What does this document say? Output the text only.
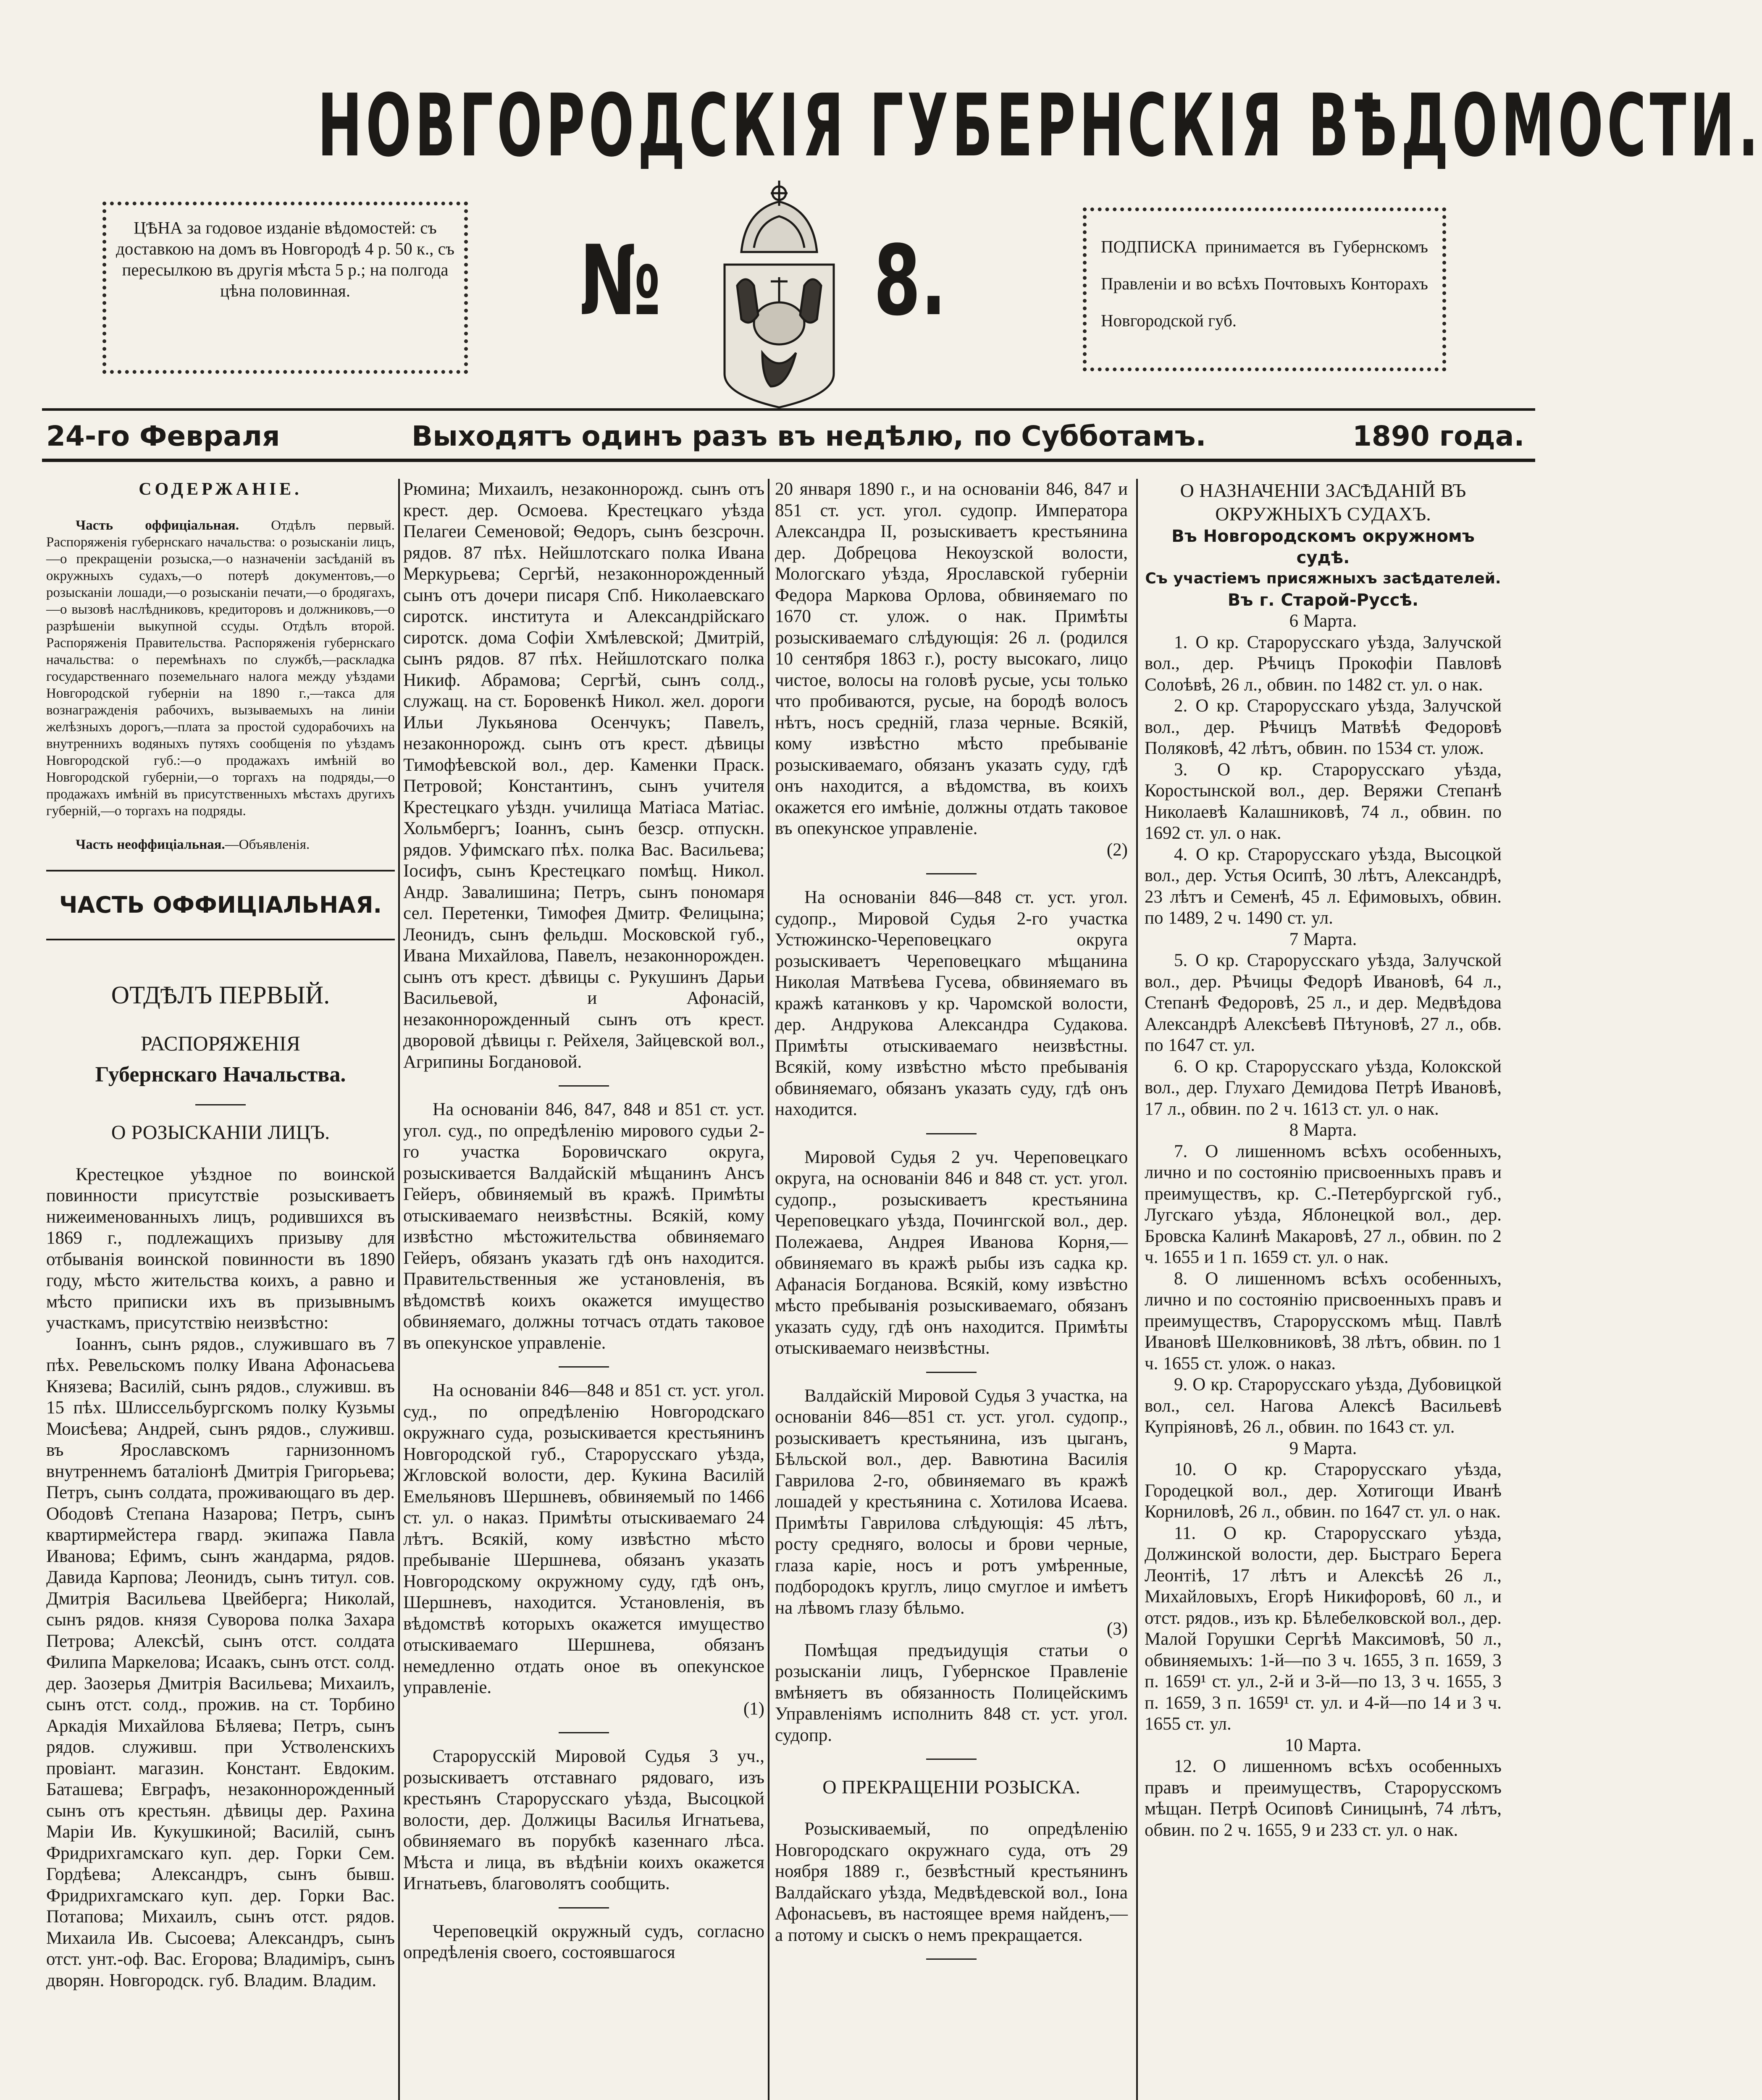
НОВГОРОДСКІЯ ГУБЕРНСКІЯ ВѢДОМОСТИ.
ЦѢНА за годовое изданіе вѣдомостей: съ доставкою на домъ въ Новгородѣ 4 р. 50 к., съ пересылкою въ другія мѣста 5 р.; на полгода цѣна половинная.	№ 8.	ПОДПИСКА принимается въ Губернскомъ Правленіи и во всѣхъ Почтовыхъ Конторахъ Новгородской губ.
24-го Февраля	Выходятъ одинъ разъ въ недѣлю, по Субботамъ.	1890 года.

СОДЕРЖАНІЕ.

Часть оффиціальная. Отдѣлъ первый. Распоряженія губернскаго начальства: о розысканіи лицъ,—о прекращеніи розыска,—о назначеніи засѣданій въ окружныхъ судахъ,—о потерѣ документовъ,—о розысканіи лошади,—о розысканіи печати,—о бродягахъ,—о вызовѣ наслѣдниковъ, кредиторовъ и должниковъ,—о разрѣшеніи выкупной ссуды. Отдѣлъ второй. Распоряженія Правительства. Распоряженія губернскаго начальства: о перемѣнахъ по службѣ,—раскладка государственнаго поземельнаго налога между уѣздами Новгородской губерніи на 1890 г.,—такса для вознагражденія рабочихъ, вызываемыхъ на линіи желѣзныхъ дорогъ,—плата за простой судорабочихъ на внутреннихъ водяныхъ путяхъ сообщенія по уѣздамъ Новгородской губ.:—о продажахъ имѣній во Новгородской губерніи,—о торгахъ на подряды,—о продажахъ имѣній въ присутственныхъ мѣстахъ другихъ губерній,—о торгахъ на подряды.

Часть неоффиціальная.—Объявленія.

ЧАСТЬ ОФФИЦІАЛЬНАЯ.

ОТДѢЛЪ ПЕРВЫЙ.

РАСПОРЯЖЕНІЯ

Губернскаго Начальства.

О РОЗЫСКАНІИ ЛИЦЪ.

Крестецкое уѣздное по воинской повинности присутствіе розыскиваетъ нижеименованныхъ лицъ, родившихся въ 1869 г., подлежащихъ призыву для отбыванія воинской повинности въ 1890 году, мѣсто жительства коихъ, а равно и мѣсто приписки ихъ въ призывнымъ участкамъ, присутствію неизвѣстно:

Іоаннъ, сынъ рядов., служившаго въ 7 пѣх. Ревельскомъ полку Ивана Афонасьева Князева; Василій, сынъ рядов., служивш. въ 15 пѣх. Шлиссельбургскомъ полку Кузьмы Моисѣева; Андрей, сынъ рядов., служивш. въ Ярославскомъ гарнизонномъ внутреннемъ баталіонѣ Дмитрія Григорьева; Петръ, сынъ солдата, проживающаго въ дер. Ободовѣ Степана Назарова; Петръ, сынъ квартирмейстера гвард. экипажа Павла Иванова; Ефимъ, сынъ жандарма, рядов. Давида Карпова; Леонидъ, сынъ титул. сов. Дмитрія Васильева Цвейберга; Николай, сынъ рядов. князя Суворова полка Захара Петрова; Алексѣй, сынъ отст. солдата Филипа Маркелова; Исаакъ, сынъ отст. солд. дер. Заозерья Дмитрія Васильева; Михаилъ, сынъ отст. солд., прожив. на ст. Торбино Аркадія Михайлова Бѣляева; Петръ, сынъ рядов. служивш. при Устволенскихъ провіант. магазин. Констант. Евдоким. Баташева; Евграфъ, незаконнорожденный сынъ отъ крестьян. дѣвицы дер. Рахина Маріи Ив. Кукушкиной; Василій, сынъ Фридрихгамскаго куп. дер. Горки Сем. Гордѣева; Александръ, сынъ бывш. Фридрихгамскаго куп. дер. Горки Вас. Потапова; Михаилъ, сынъ отст. рядов. Михаила Ив. Сысоева; Александръ, сынъ отст. унт.-оф. Вас. Егорова; Владиміръ, сынъ дворян. Новгородск. губ. Владим. Владим.

Рюмина; Михаилъ, незаконнорожд. сынъ отъ крест. дер. Осмоева. Крестецкаго уѣзда Пелагеи Семеновой; Ѳедоръ, сынъ безсрочн. рядов. 87 пѣх. Нейшлотскаго полка Ивана Меркурьева; Сергѣй, незаконнорожденный сынъ отъ дочери писаря Спб. Николаевскаго сиротск. института и Александрійскаго сиротск. дома Софіи Хмѣлевской; Дмитрій, сынъ рядов. 87 пѣх. Нейшлотскаго полка Никиф. Абрамова; Сергѣй, сынъ солд., служащ. на ст. Боровенкѣ Никол. жел. дороги Ильи Лукьянова Осенчукъ; Павелъ, незаконнорожд. сынъ отъ крест. дѣвицы Тимофѣевской вол., дер. Каменки Праск. Петровой; Константинъ, сынъ учителя Крестецкаго уѣздн. училища Матіаса Матіас. Хольмбергъ; Іоаннъ, сынъ безср. отпускн. рядов. Уфимскаго пѣх. полка Вас. Васильева; Іосифъ, сынъ Крестецкаго помѣщ. Никол. Андр. Завалишина; Петръ, сынъ пономаря сел. Перетенки, Тимофея Дмитр. Фелицына; Леонидъ, сынъ фельдш. Московской губ., Ивана Михайлова, Павелъ, незаконнорожден. сынъ отъ крест. дѣвицы с. Рукушинъ Дарьи Васильевой, и Афонасій, незаконнорожденный сынъ отъ крест. дворовой дѣвицы г. Рейхеля, Зайцевской вол., Агрипины Богдановой.

На основаніи 846, 847, 848 и 851 ст. уст. угол. суд., по опредѣленію мирового судьи 2-го участка Боровичскаго округа, розыскивается Валдайскій мѣщанинъ Ансъ Гейеръ, обвиняемый въ кражѣ. Примѣты отыскиваемаго неизвѣстны. Всякій, кому извѣстно мѣстожительства обвиняемаго Гейеръ, обязанъ указать гдѣ онъ находится. Правительственныя же установленія, въ вѣдомствѣ коихъ окажется имущество обвиняемаго, должны тотчасъ отдать таковое въ опекунское управленіе.

На основаніи 846—848 и 851 ст. уст. угол. суд., по опредѣленію Новгородскаго окружнаго суда, розыскивается крестьянинъ Новгородской губ., Старорусскаго уѣзда, Жгловской волости, дер. Кукина Василій Емельяновъ Шершневъ, обвиняемый по 1466 ст. ул. о наказ. Примѣты отыскиваемаго 24 лѣтъ. Всякій, кому извѣстно мѣсто пребываніе Шершнева, обязанъ указать Новгородскому окружному суду, гдѣ онъ, Шершневъ, находится. Установленія, въ вѣдомствѣ которыхъ окажется имущество отыскиваемаго Шершнева, обязанъ немедленно отдать оное въ опекунское управленіе.

(1)

Старорусскій Мировой Судья 3 уч., розыскиваетъ отставнаго рядоваго, изъ крестьянъ Старорусскаго уѣзда, Высоцкой волости, дер. Должицы Василья Игнатьева, обвиняемаго въ порубкѣ казеннаго лѣса. Мѣста и лица, въ вѣдѣніи коихъ окажется Игнатьевъ, благоволятъ сообщить.

Череповецкій окружный судъ, согласно опредѣленія своего, состоявшагося

20 января 1890 г., и на основаніи 846, 847 и 851 ст. уст. угол. судопр. Императора Александра II, розыскиваетъ крестьянина дер. Добрецова Некоузской волости, Мологскаго уѣзда, Ярославской губерніи Федора Маркова Орлова, обвиняемаго по 1670 ст. улож. о нак. Примѣты розыскиваемаго слѣдующія: 26 л. (родился 10 сентября 1863 г.), росту высокаго, лицо чистое, волосы на головѣ русые, усы только что пробиваются, русые, на бородѣ волосъ нѣтъ, носъ средній, глаза черные. Всякій, кому извѣстно мѣсто пребываніе розыскиваемаго, обязанъ указать суду, гдѣ онъ находится, а вѣдомства, въ коихъ окажется его имѣніе, должны отдать таковое въ опекунское управленіе.

(2)

На основаніи 846—848 ст. уст. угол. судопр., Мировой Судья 2-го участка Устюжинско-Череповецкаго округа розыскиваетъ Череповецкаго мѣщанина Николая Матвѣева Гусева, обвиняемаго въ кражѣ катанковъ у кр. Чаромской волости, дер. Андрукова Александра Судакова. Примѣты отыскиваемаго неизвѣстны. Всякій, кому извѣстно мѣсто пребыванія обвиняемаго, обязанъ указать суду, гдѣ онъ находится.

Мировой Судья 2 уч. Череповецкаго округа, на основаніи 846 и 848 ст. уст. угол. судопр., розыскиваетъ крестьянина Череповецкаго уѣзда, Почингской вол., дер. Полежаева, Андрея Иванова Корня,—обвиняемаго въ кражѣ рыбы изъ садка кр. Афанасія Богданова. Всякій, кому извѣстно мѣсто пребыванія розыскиваемаго, обязанъ указать суду, гдѣ онъ находится. Примѣты отыскиваемаго неизвѣстны.

Валдайскій Мировой Судья 3 участка, на основаніи 846—851 ст. уст. угол. судопр., розыскиваетъ крестьянина, изъ цыганъ, Бѣльской вол., дер. Вавютина Василія Гаврилова 2-го, обвиняемаго въ кражѣ лошадей у крестьянина с. Хотилова Исаева. Примѣты Гаврилова слѣдующія: 45 лѣтъ, росту средняго, волосы и брови черные, глаза каріе, носъ и ротъ умѣренные, подбородокъ круглъ, лицо смуглое и имѣетъ на лѣвомъ глазу бѣльмо.

(3)

Помѣщая предъидущія статьи о розысканіи лицъ, Губернское Правленіе вмѣняетъ въ обязанность Полицейскимъ Управленіямъ исполнить 848 ст. уст. угол. судопр.

О ПРЕКРАЩЕНІИ РОЗЫСКА.

Розыскиваемый, по опредѣленію Новгородскаго окружнаго суда, отъ 29 ноября 1889 г., безвѣстный крестьянинъ Валдайскаго уѣзда, Медвѣдевской вол., Іона Афонасьевъ, въ настоящее время найденъ,—а потому и сыскъ о немъ прекращается.

О НАЗНАЧЕНІИ ЗАСѢДАНІЙ ВЪ ОКРУЖНЫХЪ СУДАХЪ.

Въ Новгородскомъ окружномъ судѣ.

Съ участіемъ присяжныхъ засѣдателей.

Въ г. Старой-Руссѣ.

6 Марта.

1. О кр. Старорусскаго уѣзда, Залучской вол., дер. Рѣчицъ Прокофіи Павловѣ Солоѣвѣ, 26 л., обвин. по 1482 ст. ул. о нак.

2. О кр. Старорусскаго уѣзда, Залучской вол., дер. Рѣчицъ Матвѣѣ Федоровѣ Поляковѣ, 42 лѣтъ, обвин. по 1534 ст. улож.

3. О кр. Старорусскаго уѣзда, Коростынской вол., дер. Веряжи Степанѣ Николаевѣ Калашниковѣ, 74 л., обвин. по 1692 ст. ул. о нак.

4. О кр. Старорусскаго уѣзда, Высоцкой вол., дер. Устья Осипѣ, 30 лѣтъ, Александрѣ, 23 лѣтъ и Семенѣ, 45 л. Ефимовыхъ, обвин. по 1489, 2 ч. 1490 ст. ул.

7 Марта.

5. О кр. Старорусскаго уѣзда, Залучской вол., дер. Рѣчицы Федорѣ Ивановѣ, 64 л., Степанѣ Федоровѣ, 25 л., и дер. Медвѣдова Александрѣ Алексѣевѣ Пѣтуновѣ, 27 л., обв. по 1647 ст. ул.

6. О кр. Старорусскаго уѣзда, Колокской вол., дер. Глухаго Демидова Петрѣ Ивановѣ, 17 л., обвин. по 2 ч. 1613 ст. ул. о нак.

8 Марта.

7. О лишенномъ всѣхъ особенныхъ, лично и по состоянію присвоенныхъ правъ и преимуществъ, кр. С.-Петербургской губ., Лугскаго уѣзда, Яблонецкой вол., дер. Бровска Калинѣ Макаровѣ, 27 л., обвин. по 2 ч. 1655 и 1 п. 1659 ст. ул. о нак.

8. О лишенномъ всѣхъ особенныхъ, лично и по состоянію присвоенныхъ правъ и преимуществъ, Старорусскомъ мѣщ. Павлѣ Ивановѣ Шелковниковѣ, 38 лѣтъ, обвин. по 1 ч. 1655 ст. улож. о наказ.

9. О кр. Старорусскаго уѣзда, Дубовицкой вол., сел. Нагова Алексѣ Васильевѣ Купріяновѣ, 26 л., обвин. по 1643 ст. ул.

9 Марта.

10. О кр. Старорусскаго уѣзда, Городецкой вол., дер. Хотигощи Иванѣ Корниловѣ, 26 л., обвин. по 1647 ст. ул. о нак.

11. О кр. Старорусскаго уѣзда, Должинской волости, дер. Быстраго Берега Леонтіѣ, 17 лѣтъ и Алексѣѣ 26 л., Михайловыхъ, Егорѣ Никифоровѣ, 60 л., и отст. рядов., изъ кр. Бѣлебелковской вол., дер. Малой Горушки Сергѣѣ Максимовѣ, 50 л., обвиняемыхъ: 1-й—по 3 ч. 1655, 3 п. 1659, 3 п. 1659¹ ст. ул., 2-й и 3-й—по 13, 3 ч. 1655, 3 п. 1659, 3 п. 1659¹ ст. ул. и 4-й—по 14 и 3 ч. 1655 ст. ул.

10 Марта.

12. О лишенномъ всѣхъ особенныхъ правъ и преимуществъ, Старорусскомъ мѣщан. Петрѣ Осиповѣ Синицынѣ, 74 лѣтъ, обвин. по 2 ч. 1655, 9 и 233 ст. ул. о нак.
